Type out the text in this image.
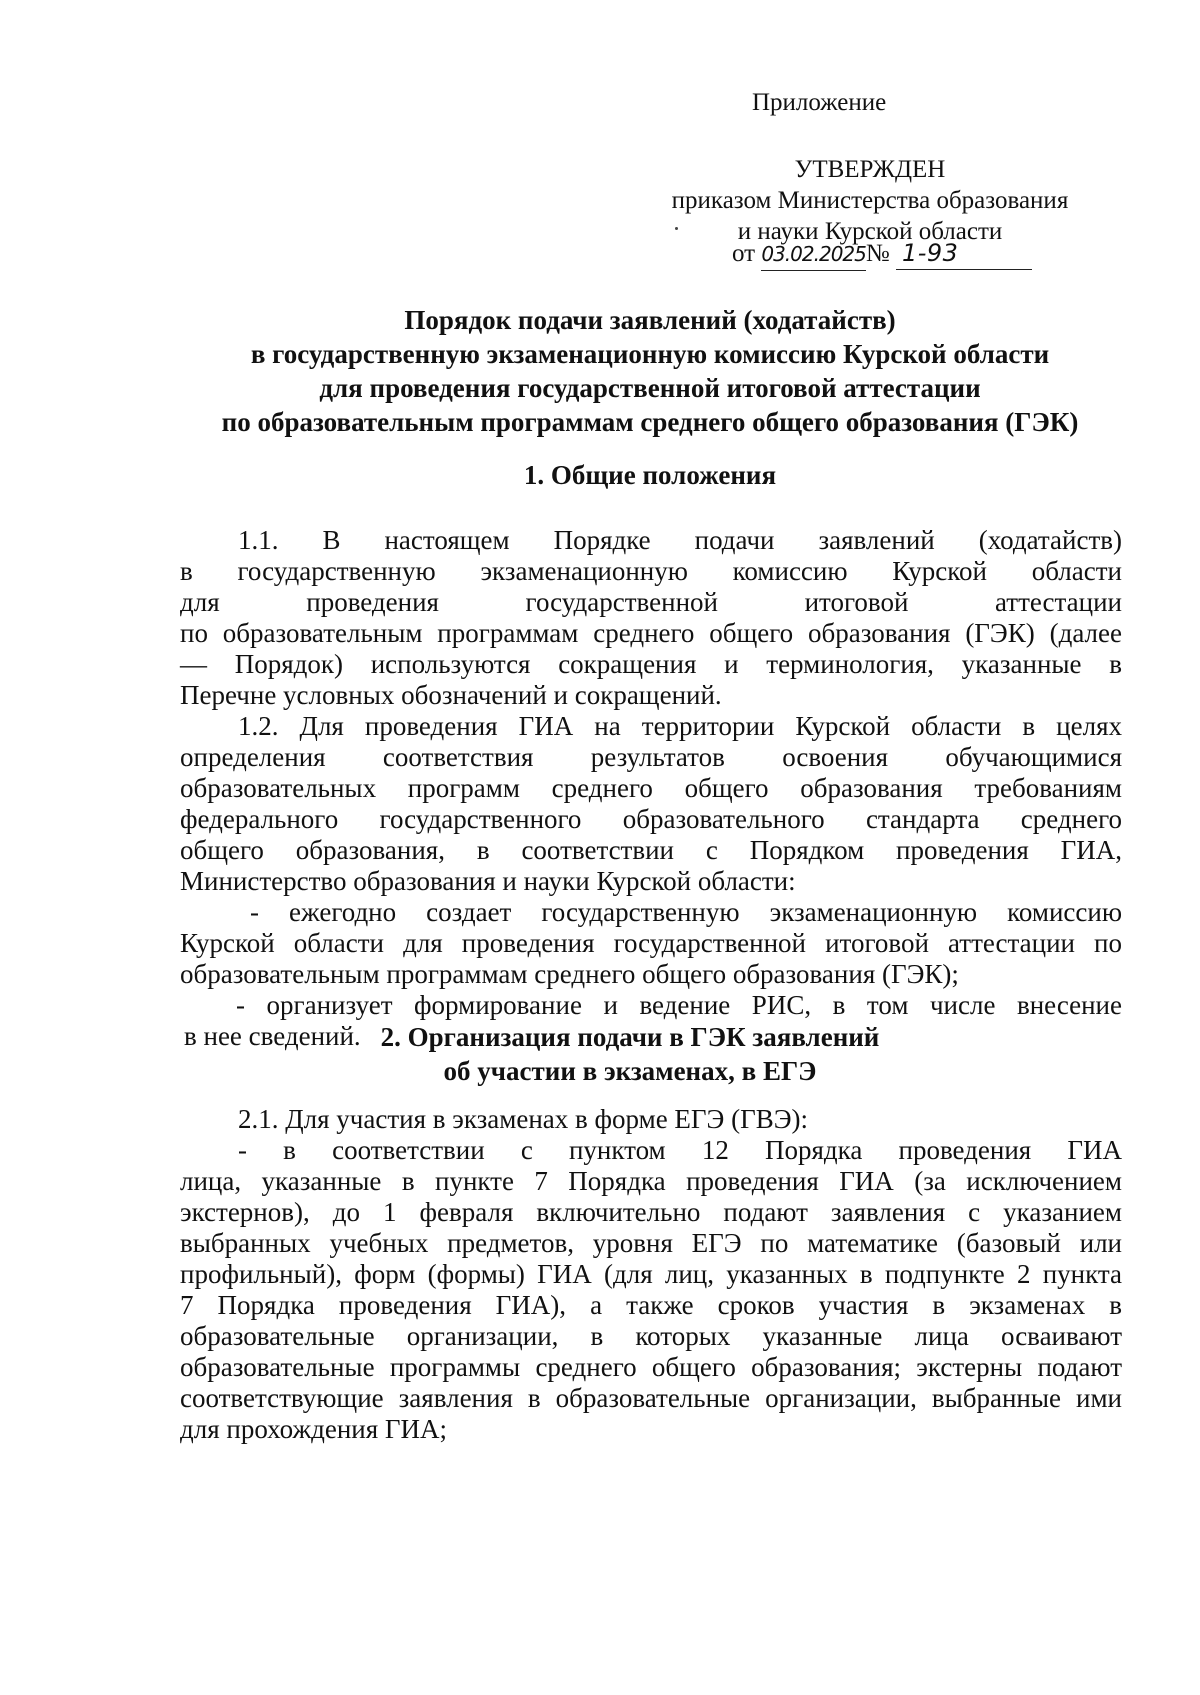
Приложение
УТВЕРЖДЕН
приказом Министерства образования
и науки Курской области
от 03.02.2025№ 1-93
Порядок подачи заявлений (ходатайств)
в государственную экзаменационную комиссию Курской области
для проведения государственной итоговой аттестации
по образовательным программам среднего общего образования (ГЭК)
1. Общие положения
1.1. В настоящем Порядке подачи заявлений (ходатайств)
в государственную экзаменационную комиссию Курской области
для проведения государственной итоговой аттестации
по образовательным программам среднего общего образования (ГЭК) (далее
— Порядок) используются сокращения и терминология, указанные в
Перечне условных обозначений и сокращений.
1.2. Для проведения ГИА на территории Курской области в целях
определения соответствия результатов освоения обучающимися
образовательных программ среднего общего образования требованиям
федерального государственного образовательного стандарта среднего
общего образования, в соответствии с Порядком проведения ГИА,
Министерство образования и науки Курской области:
- ежегодно создает государственную экзаменационную комиссию
Курской области для проведения государственной итоговой аттестации по
образовательным программам среднего общего образования (ГЭК);
- организует формирование и ведение РИС, в том числе внесение
в нее сведений. 2. Организация подачи в ГЭК заявлений
об участии в экзаменах, в ЕГЭ
2.1. Для участия в экзаменах в форме ЕГЭ (ГВЭ):
- в соответствии с пунктом 12 Порядка проведения ГИА
лица, указанные в пункте 7 Порядка проведения ГИА (за исключением
экстернов), до 1 февраля включительно подают заявления с указанием
выбранных учебных предметов, уровня ЕГЭ по математике (базовый или
профильный), форм (формы) ГИА (для лиц, указанных в подпункте 2 пункта
7 Порядка проведения ГИА), а также сроков участия в экзаменах в
образовательные организации, в которых указанные лица осваивают
образовательные программы среднего общего образования; экстерны подают
соответствующие заявления в образовательные организации, выбранные ими
для прохождения ГИА;
